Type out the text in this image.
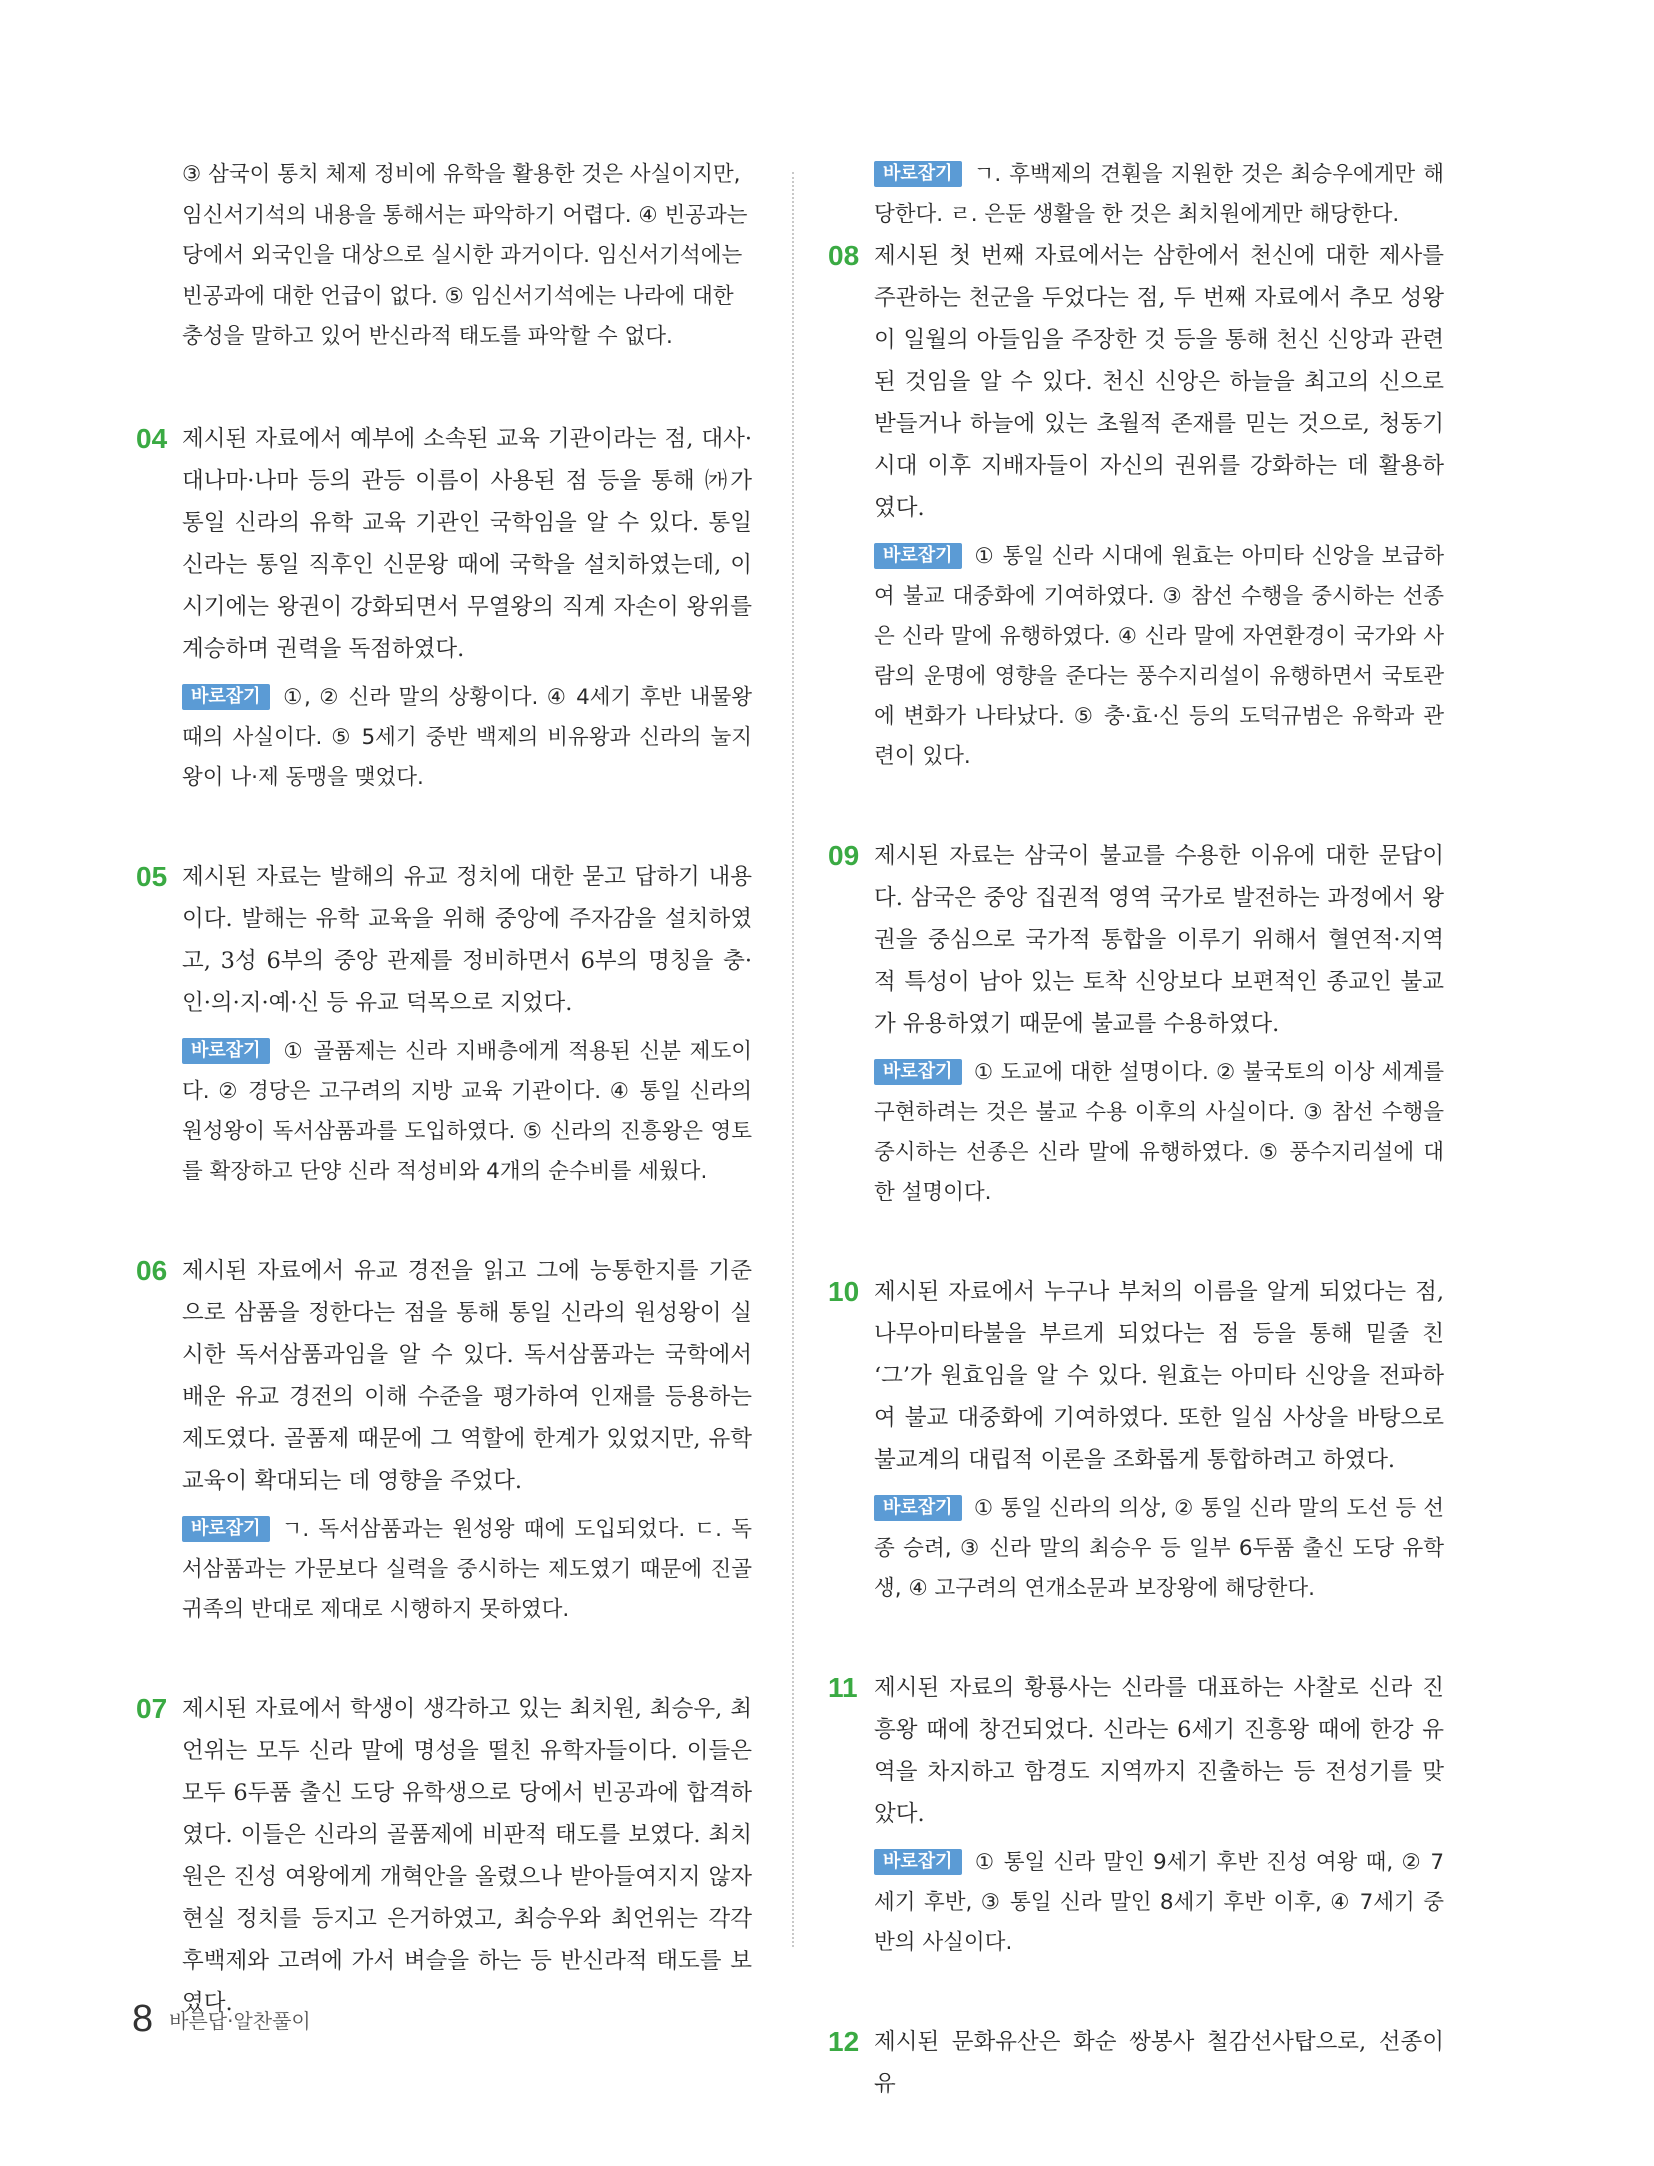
③ 삼국이 통치 체제 정비에 유학을 활용한 것은 사실이지만, 임신서기석의 내용을 통해서는 파악하기 어렵다. ④ 빈공과는 당에서 외국인을 대상으로 실시한 과거이다. 임신서기석에는 빈공과에 대한 언급이 없다. ⑤ 임신서기석에는 나라에 대한 충성을 말하고 있어 반신라적 태도를 파악할 수 없다.

04 제시된 자료에서 예부에 소속된 교육 기관이라는 점, 대사·대나마·나마 등의 관등 이름이 사용된 점 등을 통해 ㈎가 통일 신라의 유학 교육 기관인 국학임을 알 수 있다. 통일 신라는 통일 직후인 신문왕 때에 국학을 설치하였는데, 이 시기에는 왕권이 강화되면서 무열왕의 직계 자손이 왕위를 계승하며 권력을 독점하였다.

바로잡기 ①, ② 신라 말의 상황이다. ④ 4세기 후반 내물왕 때의 사실이다. ⑤ 5세기 중반 백제의 비유왕과 신라의 눌지왕이 나·제 동맹을 맺었다.

05 제시된 자료는 발해의 유교 정치에 대한 묻고 답하기 내용이다. 발해는 유학 교육을 위해 중앙에 주자감을 설치하였고, 3성 6부의 중앙 관제를 정비하면서 6부의 명칭을 충·인·의·지·예·신 등 유교 덕목으로 지었다.

바로잡기 ① 골품제는 신라 지배층에게 적용된 신분 제도이다. ② 경당은 고구려의 지방 교육 기관이다. ④ 통일 신라의 원성왕이 독서삼품과를 도입하였다. ⑤ 신라의 진흥왕은 영토를 확장하고 단양 신라 적성비와 4개의 순수비를 세웠다.

06 제시된 자료에서 유교 경전을 읽고 그에 능통한지를 기준으로 삼품을 정한다는 점을 통해 통일 신라의 원성왕이 실시한 독서삼품과임을 알 수 있다. 독서삼품과는 국학에서 배운 유교 경전의 이해 수준을 평가하여 인재를 등용하는 제도였다. 골품제 때문에 그 역할에 한계가 있었지만, 유학 교육이 확대되는 데 영향을 주었다.

바로잡기 ㄱ. 독서삼품과는 원성왕 때에 도입되었다. ㄷ. 독서삼품과는 가문보다 실력을 중시하는 제도였기 때문에 진골 귀족의 반대로 제대로 시행하지 못하였다.

07 제시된 자료에서 학생이 생각하고 있는 최치원, 최승우, 최언위는 모두 신라 말에 명성을 떨친 유학자들이다. 이들은 모두 6두품 출신 도당 유학생으로 당에서 빈공과에 합격하였다. 이들은 신라의 골품제에 비판적 태도를 보였다. 최치원은 진성 여왕에게 개혁안을 올렸으나 받아들여지지 않자 현실 정치를 등지고 은거하였고, 최승우와 최언위는 각각 후백제와 고려에 가서 벼슬을 하는 등 반신라적 태도를 보였다.

바로잡기 ㄱ. 후백제의 견훤을 지원한 것은 최승우에게만 해당한다. ㄹ. 은둔 생활을 한 것은 최치원에게만 해당한다.

08 제시된 첫 번째 자료에서는 삼한에서 천신에 대한 제사를 주관하는 천군을 두었다는 점, 두 번째 자료에서 추모 성왕이 일월의 아들임을 주장한 것 등을 통해 천신 신앙과 관련된 것임을 알 수 있다. 천신 신앙은 하늘을 최고의 신으로 받들거나 하늘에 있는 초월적 존재를 믿는 것으로, 청동기 시대 이후 지배자들이 자신의 권위를 강화하는 데 활용하였다.

바로잡기 ① 통일 신라 시대에 원효는 아미타 신앙을 보급하여 불교 대중화에 기여하였다. ③ 참선 수행을 중시하는 선종은 신라 말에 유행하였다. ④ 신라 말에 자연환경이 국가와 사람의 운명에 영향을 준다는 풍수지리설이 유행하면서 국토관에 변화가 나타났다. ⑤ 충·효·신 등의 도덕규범은 유학과 관련이 있다.

09 제시된 자료는 삼국이 불교를 수용한 이유에 대한 문답이다. 삼국은 중앙 집권적 영역 국가로 발전하는 과정에서 왕권을 중심으로 국가적 통합을 이루기 위해서 혈연적·지역적 특성이 남아 있는 토착 신앙보다 보편적인 종교인 불교가 유용하였기 때문에 불교를 수용하였다.

바로잡기 ① 도교에 대한 설명이다. ② 불국토의 이상 세계를 구현하려는 것은 불교 수용 이후의 사실이다. ③ 참선 수행을 중시하는 선종은 신라 말에 유행하였다. ⑤ 풍수지리설에 대한 설명이다.

10 제시된 자료에서 누구나 부처의 이름을 알게 되었다는 점, 나무아미타불을 부르게 되었다는 점 등을 통해 밑줄 친 ‘그’가 원효임을 알 수 있다. 원효는 아미타 신앙을 전파하여 불교 대중화에 기여하였다. 또한 일심 사상을 바탕으로 불교계의 대립적 이론을 조화롭게 통합하려고 하였다.

바로잡기 ① 통일 신라의 의상, ② 통일 신라 말의 도선 등 선종 승려, ③ 신라 말의 최승우 등 일부 6두품 출신 도당 유학생, ④ 고구려의 연개소문과 보장왕에 해당한다.

11 제시된 자료의 황룡사는 신라를 대표하는 사찰로 신라 진흥왕 때에 창건되었다. 신라는 6세기 진흥왕 때에 한강 유역을 차지하고 함경도 지역까지 진출하는 등 전성기를 맞았다.

바로잡기 ① 통일 신라 말인 9세기 후반 진성 여왕 때, ② 7세기 후반, ③ 통일 신라 말인 8세기 후반 이후, ④ 7세기 중반의 사실이다.

12 제시된 문화유산은 화순 쌍봉사 철감선사탑으로, 선종이 유

8 바른답·알찬풀이
